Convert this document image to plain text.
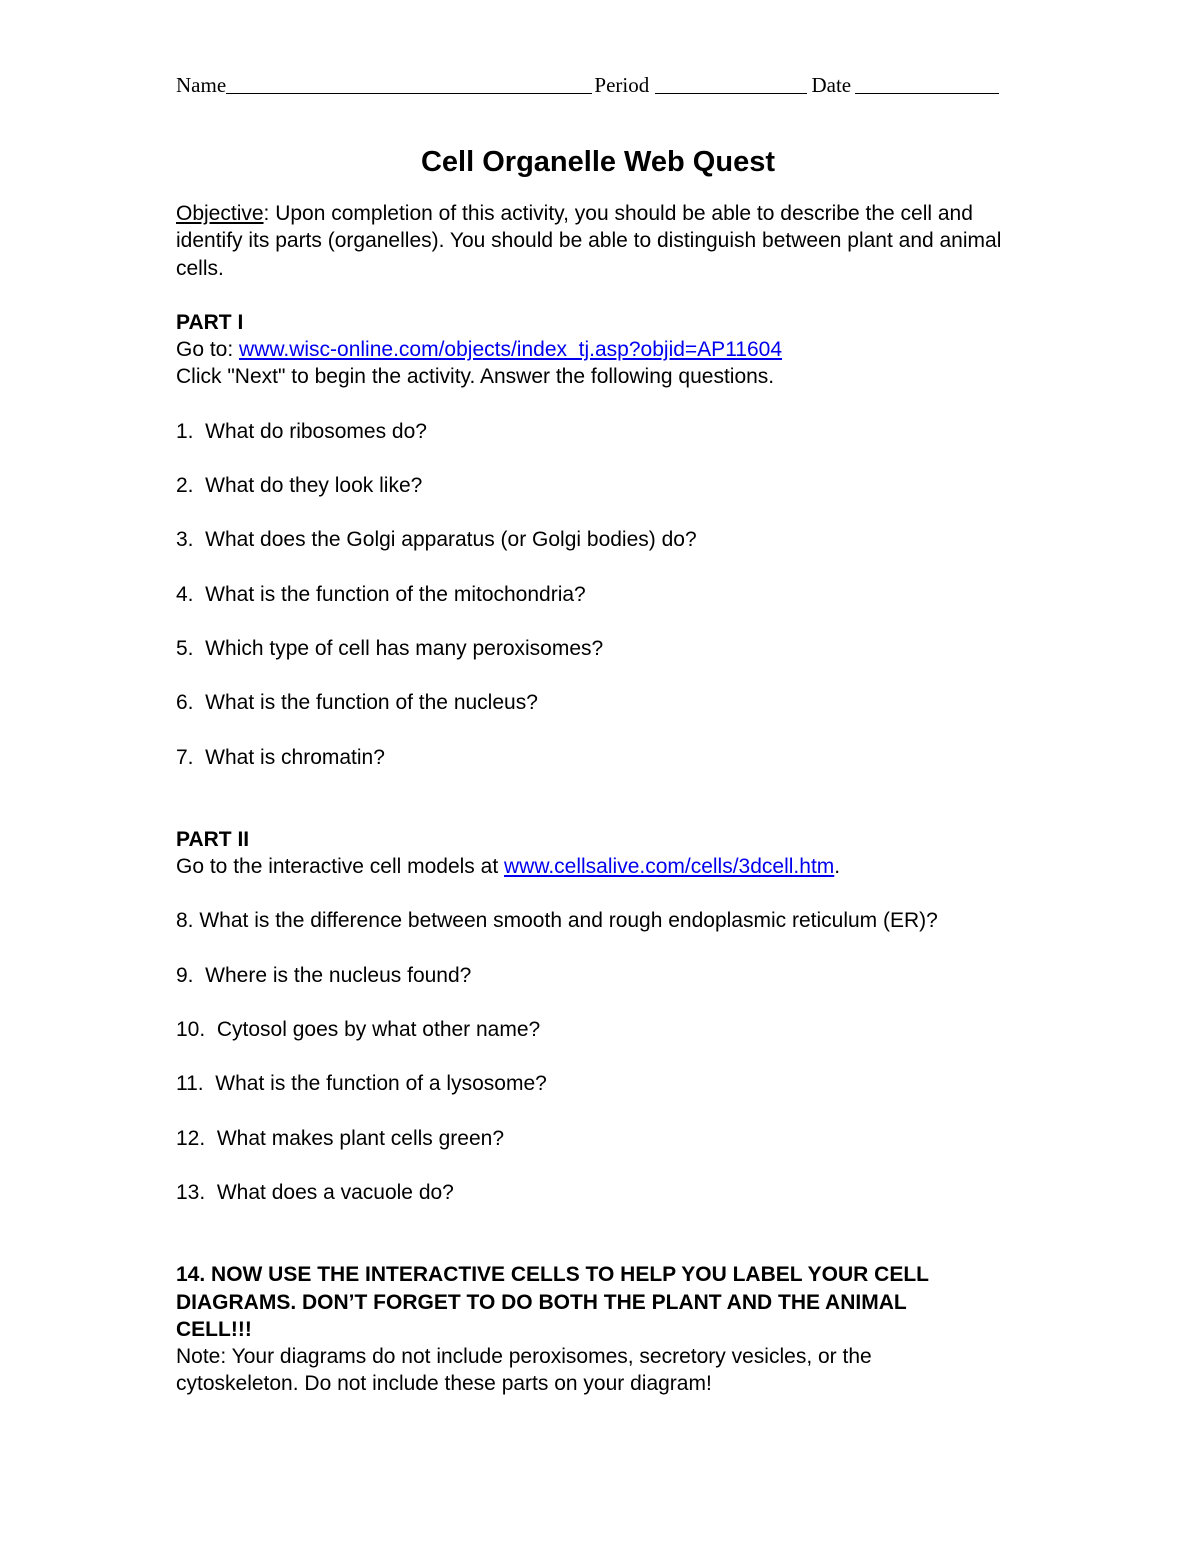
Name	Period	Date
Cell Organelle Web Quest
Objective: Upon completion of this activity, you should be able to describe the cell and identify its parts (organelles). You should be able to distinguish between plant and animal cells.
PART I
Go to: www.wisc-online.com/objects/index_tj.asp?objid=AP11604
Click "Next" to begin the activity. Answer the following questions.
1.  What do ribosomes do?
2.  What do they look like?
3.  What does the Golgi apparatus (or Golgi bodies) do?
4.  What is the function of the mitochondria?
5.  Which type of cell has many peroxisomes?
6.  What is the function of the nucleus?
7.  What is chromatin?
PART II
Go to the interactive cell models at www.cellsalive.com/cells/3dcell.htm.
8. What is the difference between smooth and rough endoplasmic reticulum (ER)?
9.  Where is the nucleus found?
10.  Cytosol goes by what other name?
11.  What is the function of a lysosome?
12.  What makes plant cells green?
13.  What does a vacuole do?
14. NOW USE THE INTERACTIVE CELLS TO HELP YOU LABEL YOUR CELL DIAGRAMS. DON’T FORGET TO DO BOTH THE PLANT AND THE ANIMAL CELL!!!
Note: Your diagrams do not include peroxisomes, secretory vesicles, or the cytoskeleton. Do not include these parts on your diagram!
